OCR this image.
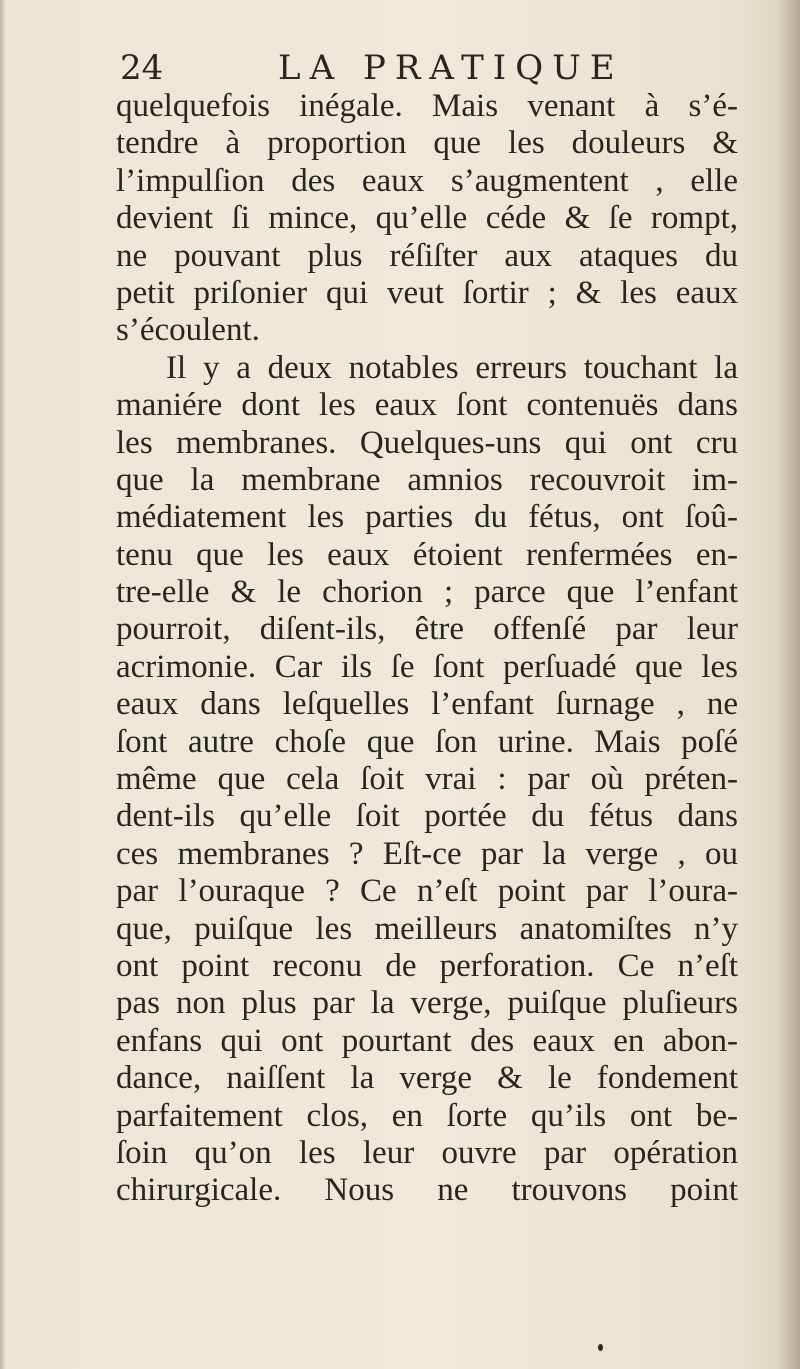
24	LA PRATIQUE
quelquefois inégale. Mais venant à s’é-
tendre à proportion que les douleurs &
l’impulſion des eaux s’augmentent , elle
devient ſi mince, qu’elle céde & ſe rompt,
ne pouvant plus réſiſter aux ataques du
petit priſonier qui veut ſortir ; & les eaux
s’écoulent.
Il y a deux notables erreurs touchant la
maniére dont les eaux ſont contenuës dans
les membranes. Quelques-uns qui ont cru
que la membrane amnios recouvroit im-
médiatement les parties du fétus, ont ſoû-
tenu que les eaux étoient renfermées en-
tre-elle & le chorion ; parce que l’enfant
pourroit, diſent-ils, être offenſé par leur
acrimonie. Car ils ſe ſont perſuadé que les
eaux dans leſquelles l’enfant ſurnage , ne
ſont autre choſe que ſon urine. Mais poſé
même que cela ſoit vrai : par où préten-
dent-ils qu’elle ſoit portée du fétus dans
ces membranes ? Eſt-ce par la verge , ou
par l’ouraque ? Ce n’eſt point par l’oura-
que, puiſque les meilleurs anatomiſtes n’y
ont point reconu de perforation. Ce n’eſt
pas non plus par la verge, puiſque pluſieurs
enfans qui ont pourtant des eaux en abon-
dance, naiſſent la verge & le fondement
parfaitement clos, en ſorte qu’ils ont be-
ſoin qu’on les leur ouvre par opération
chirurgicale. Nous ne trouvons point
